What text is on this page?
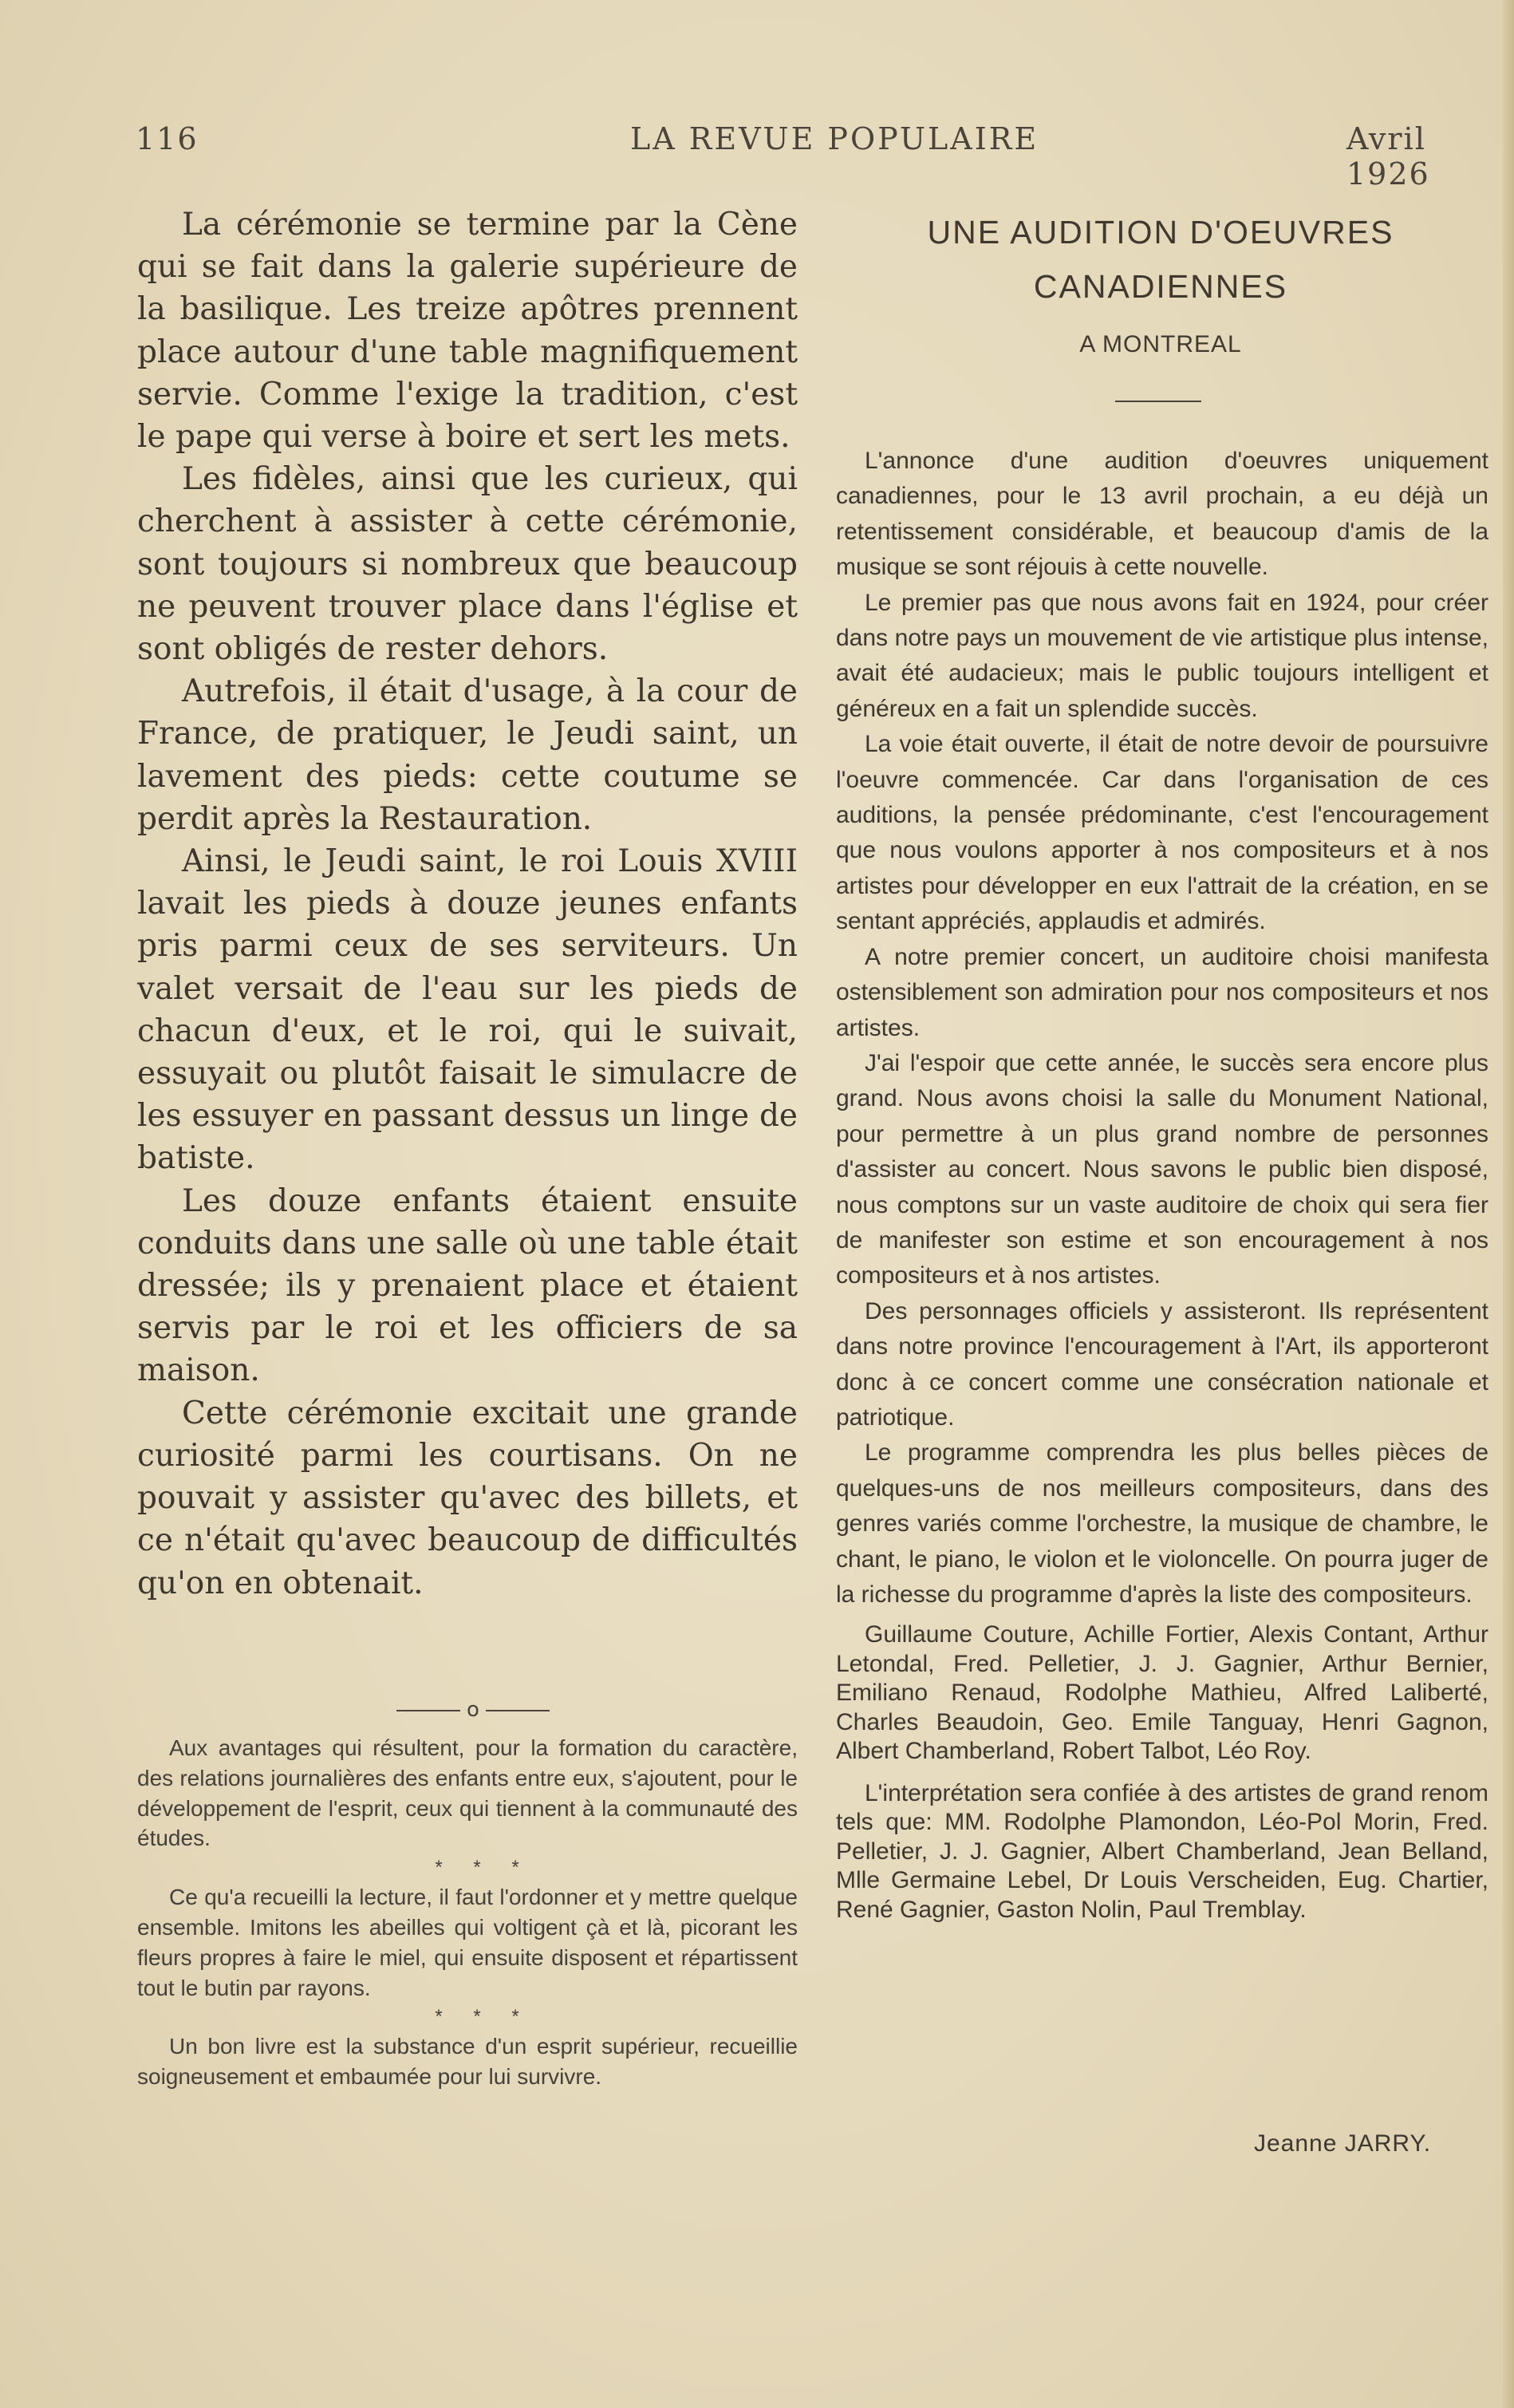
116	LA REVUE POPULAIRE	Avril 1926

La cérémonie se termine par la Cène qui se fait dans la galerie supérieure de la basilique. Les treize apôtres prennent place autour d'une table magnifiquement servie. Comme l'exige la tradition, c'est le pape qui verse à boire et sert les mets.

Les fidèles, ainsi que les curieux, qui cherchent à assister à cette cérémonie, sont toujours si nombreux que beaucoup ne peuvent trouver place dans l'église et sont obligés de rester dehors.

Autrefois, il était d'usage, à la cour de France, de pratiquer, le Jeudi saint, un lavement des pieds: cette coutume se perdit après la Restauration.

Ainsi, le Jeudi saint, le roi Louis XVIII lavait les pieds à douze jeunes enfants pris parmi ceux de ses serviteurs. Un valet versait de l'eau sur les pieds de chacun d'eux, et le roi, qui le suivait, essuyait ou plutôt faisait le simulacre de les essuyer en passant dessus un linge de batiste.

Les douze enfants étaient ensuite conduits dans une salle où une table était dressée; ils y prenaient place et étaient servis par le roi et les officiers de sa maison.

Cette cérémonie excitait une grande curiosité parmi les courtisans. On ne pouvait y assister qu'avec des billets, et ce n'était qu'avec beaucoup de difficultés qu'on en obtenait.

o

Aux avantages qui résultent, pour la formation du caractère, des relations journalières des enfants entre eux, s'ajoutent, pour le développement de l'esprit, ceux qui tiennent à la communauté des études.

* * *

Ce qu'a recueilli la lecture, il faut l'ordonner et y mettre quelque ensemble. Imitons les abeilles qui voltigent çà et là, picorant les fleurs propres à faire le miel, qui ensuite disposent et répartissent tout le butin par rayons.

* * *

Un bon livre est la substance d'un esprit supérieur, recueillie soigneusement et embaumée pour lui survivre.

UNE AUDITION D'OEUVRES
CANADIENNES
A MONTREAL

L'annonce d'une audition d'oeuvres uniquement canadiennes, pour le 13 avril prochain, a eu déjà un retentissement considérable, et beaucoup d'amis de la musique se sont réjouis à cette nouvelle.

Le premier pas que nous avons fait en 1924, pour créer dans notre pays un mouvement de vie artistique plus intense, avait été audacieux; mais le public toujours intelligent et généreux en a fait un splendide succès.

La voie était ouverte, il était de notre devoir de poursuivre l'oeuvre commencée. Car dans l'organisation de ces auditions, la pensée prédominante, c'est l'encouragement que nous voulons apporter à nos compositeurs et à nos artistes pour développer en eux l'attrait de la création, en se sentant appréciés, applaudis et admirés.

A notre premier concert, un auditoire choisi manifesta ostensiblement son admiration pour nos compositeurs et nos artistes.

J'ai l'espoir que cette année, le succès sera encore plus grand. Nous avons choisi la salle du Monument National, pour permettre à un plus grand nombre de personnes d'assister au concert. Nous savons le public bien disposé, nous comptons sur un vaste auditoire de choix qui sera fier de manifester son estime et son encouragement à nos compositeurs et à nos artistes.

Des personnages officiels y assisteront. Ils représentent dans notre province l'encouragement à l'Art, ils apporteront donc à ce concert comme une consécration nationale et patriotique.

Le programme comprendra les plus belles pièces de quelques-uns de nos meilleurs compositeurs, dans des genres variés comme l'orchestre, la musique de chambre, le chant, le piano, le violon et le violoncelle. On pourra juger de la richesse du programme d'après la liste des compositeurs.

Guillaume Couture, Achille Fortier, Alexis Contant, Arthur Letondal, Fred. Pelletier, J. J. Gagnier, Arthur Bernier, Emiliano Renaud, Rodolphe Mathieu, Alfred Laliberté, Charles Beaudoin, Geo. Emile Tanguay, Henri Gagnon, Albert Chamberland, Robert Talbot, Léo Roy.

L'interprétation sera confiée à des artistes de grand renom tels que: MM. Rodolphe Plamondon, Léo-Pol Morin, Fred. Pelletier, J. J. Gagnier, Albert Chamberland, Jean Belland, Mlle Germaine Lebel, Dr Louis Verscheiden, Eug. Chartier, René Gagnier, Gaston Nolin, Paul Tremblay.

Jeanne JARRY.
